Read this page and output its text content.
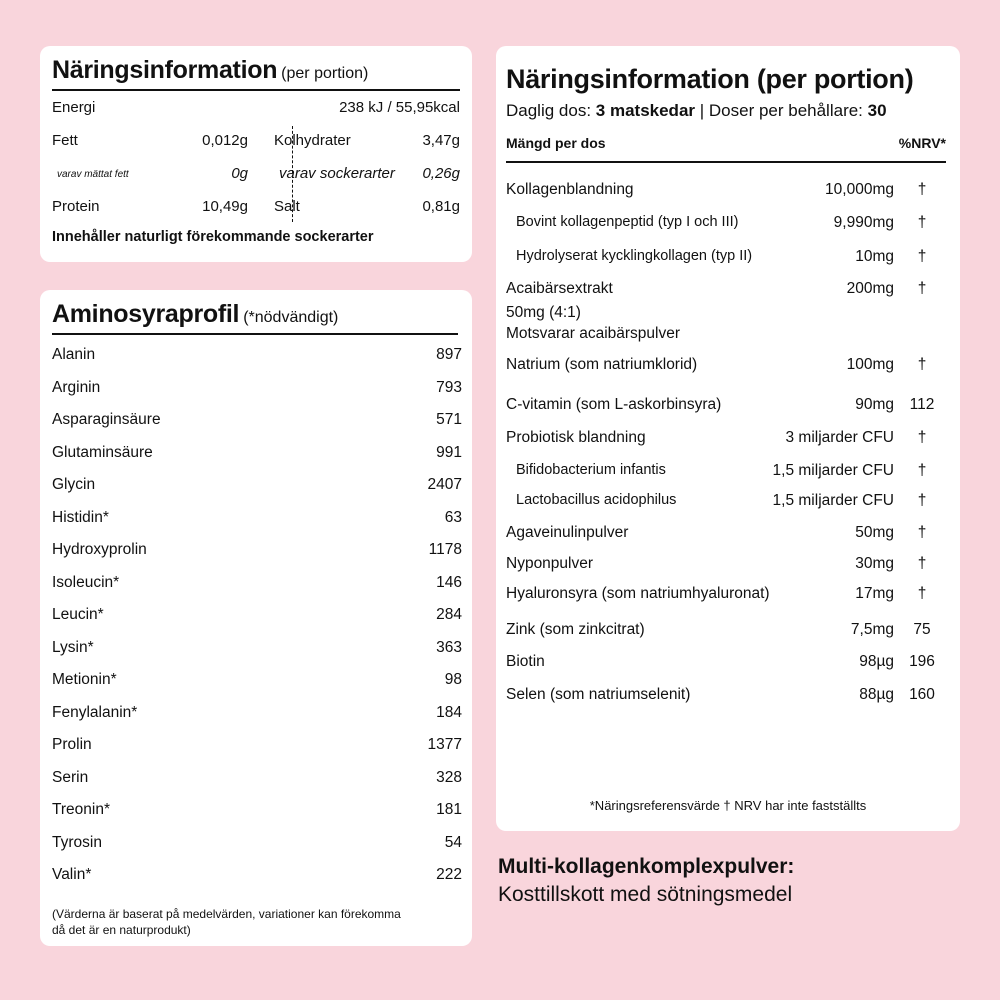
Näringsinformation (per portion)
Energi	238 kJ / 55,95kcal
Fett	0,012g Kolhydrater	3,47g
varav mättat fett	0g varav sockerarter 0,26g
Protein	10,49g Salt	0,81g
Innehåller naturligt förekommande sockerarter
Aminosyraprofil (*nödvändigt)
Alanin	897
Arginin	793
Asparaginsäure	571
Glutaminsäure	991
Glycin	2407
Histidin*	63
Hydroxyprolin	1178
Isoleucin*	146
Leucin*	284
Lysin*	363
Metionin*	98
Fenylalanin*	184
Prolin	1377
Serin	328
Treonin*	181
Tyrosin	54
Valin*	222
(Värderna är baserat på medelvärden, variationer kan förekomma då det är en naturprodukt)
Näringsinformation (per portion)
Daglig dos: 3 matskedar | Doser per behållare: 30
Mängd per dos	%NRV*
Kollagenblandning	10,000mg	†
Bovint kollagenpeptid (typ I och III)	9,990mg	†
Hydrolyserat kycklingkollagen (typ II)	10mg	†
Acaibärsextrakt	200mg	†
50mg (4:1)
Motsvarar acaibärspulver
Natrium (som natriumklorid)	100mg	†
C-vitamin (som L-askorbinsyra)	90mg	112
Probiotisk blandning	3 miljarder CFU	†
Bifidobacterium infantis	1,5 miljarder CFU	†
Lactobacillus acidophilus	1,5 miljarder CFU	†
Agaveinulinpulver	50mg	†
Nyponpulver	30mg	†
Hyaluronsyra (som natriumhyaluronat)	17mg	†
Zink (som zinkcitrat)	7,5mg	75
Biotin	98µg 196
Selen (som natriumselenit)	88µg 160
*Näringsreferensvärde † NRV har inte fastställts
Multi-kollagenkomplexpulver:
Kosttillskott med sötningsmedel
